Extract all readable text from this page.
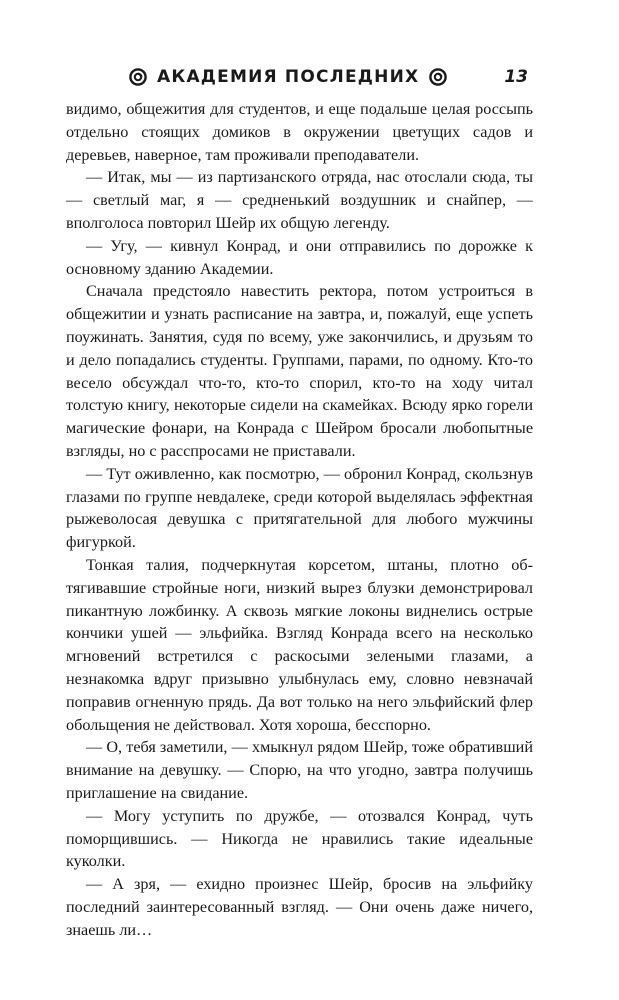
АКАДЕМИЯ ПОСЛЕДНИХ	13

видимо, общежития для студентов, и еще подальше целая россыпь отдельно стоящих домиков в окружении цветущих садов и деревьев, наверное, там проживали преподаватели.

— Итак, мы — из партизанского отряда, нас отослали сюда, ты — светлый маг, я — средненький воздушник и снайпер, — вполголоса повторил Шейр их общую легенду.

— Угу, — кивнул Конрад, и они отправились по дорожке к основному зданию Академии.

Сначала предстояло навестить ректора, потом устроиться в общежитии и узнать расписание на завтра, и, пожалуй, еще успеть поужинать. Занятия, судя по всему, уже закончились, и друзьям то и дело попадались студенты. Группами, парами, по одному. Кто-то весело обсуждал что-то, кто-то спорил, кто-то на ходу читал толстую книгу, некоторые сидели на скамейках. Всюду ярко горели магические фонари, на Конрада с Шейром бросали любопытные взгляды, но с расспросами не приставали.

— Тут оживленно, как посмотрю, — обронил Конрад, скользнув глазами по группе невдалеке, среди которой выделялась эффектная рыжеволосая девушка с притягательной для любого мужчины фигуркой.

Тонкая талия, подчеркнутая корсетом, штаны, плотно обтягивавшие стройные ноги, низкий вырез блузки демонстрировал пикантную ложбинку. А сквозь мягкие локоны виднелись острые кончики ушей — эльфийка. Взгляд Конрада всего на несколько мгновений встретился с раскосыми зелеными глазами, а незнакомка вдруг призывно улыбнулась ему, словно невзначай поправив огненную прядь. Да вот только на него эльфийский флер обольщения не действовал. Хотя хороша, бесспорно.

— О, тебя заметили, — хмыкнул рядом Шейр, тоже обративший внимание на девушку. — Спорю, на что угодно, завтра получишь приглашение на свидание.

— Могу уступить по дружбе, — отозвался Конрад, чуть поморщившись. — Никогда не нравились такие идеальные куколки.

— А зря, — ехидно произнес Шейр, бросив на эльфийку последний заинтересованный взгляд. — Они очень даже ничего, знаешь ли…
